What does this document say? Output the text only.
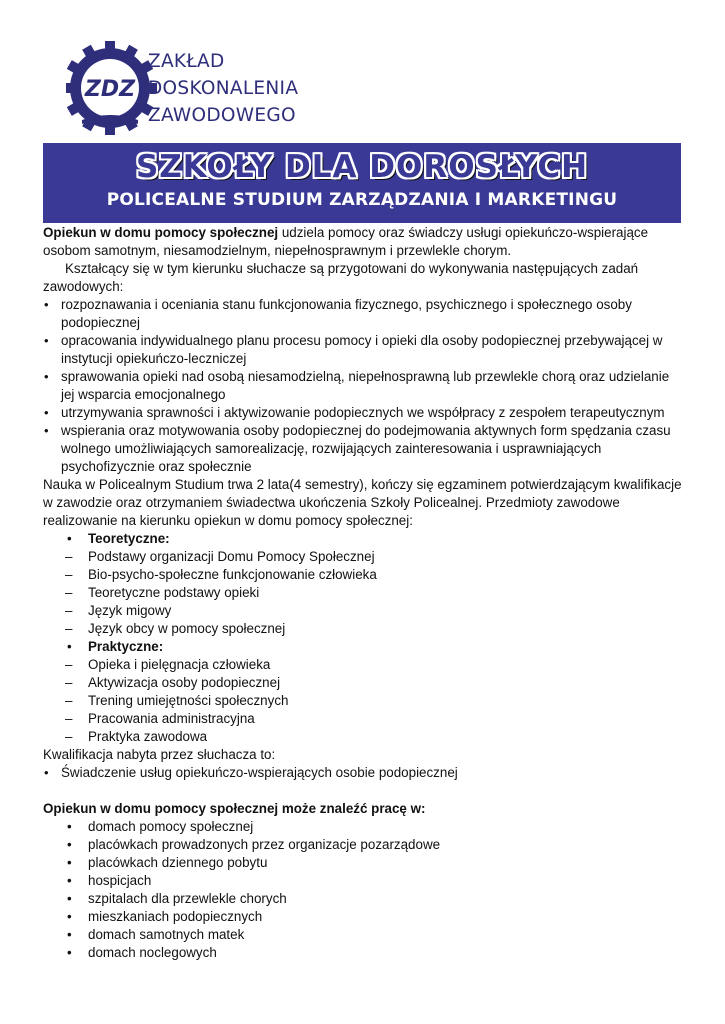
ZDZ
ZAKŁAD
DOSKONALENIA
ZAWODOWEGO
SZKOŁY DLA DOROSŁYCH
POLICEALNE STUDIUM ZARZĄDZANIA I MARKETINGU

Opiekun w domu pomocy społecznej udziela pomocy oraz świadczy usługi opiekuńczo-wspierające osobom samotnym, niesamodzielnym, niepełnosprawnym i przewlekle chorym.

Kształcący się w tym kierunku słuchacze są przygotowani do wykonywania następujących zadań zawodowych:

• rozpoznawania i oceniania stanu funkcjonowania fizycznego, psychicznego i społecznego osoby podopiecznej
• opracowania indywidualnego planu procesu pomocy i opieki dla osoby podopiecznej przebywającej w instytucji opiekuńczo-leczniczej
• sprawowania opieki nad osobą niesamodzielną, niepełnosprawną lub przewlekle chorą oraz udzielanie jej wsparcia emocjonalnego
• utrzymywania sprawności i aktywizowanie podopiecznych we współpracy z zespołem terapeutycznym
• wspierania oraz motywowania osoby podopiecznej do podejmowania aktywnych form spędzania czasu wolnego umożliwiających samorealizację, rozwijających zainteresowania i usprawniających psychofizycznie oraz społecznie

Nauka w Policealnym Studium trwa 2 lata(4 semestry), kończy się egzaminem potwierdzającym kwalifikacje w zawodzie oraz otrzymaniem świadectwa ukończenia Szkoły Policealnej. Przedmioty zawodowe realizowanie na kierunku opiekun w domu pomocy społecznej:

• Teoretyczne:
– Podstawy organizacji Domu Pomocy Społecznej
– Bio-psycho-społeczne funkcjonowanie człowieka
– Teoretyczne podstawy opieki
– Język migowy
– Język obcy w pomocy społecznej
• Praktyczne:
– Opieka i pielęgnacja człowieka
– Aktywizacja osoby podopiecznej
– Trening umiejętności społecznych
– Pracowania administracyjna
– Praktyka zawodowa

Kwalifikacja nabyta przez słuchacza to:

• Świadczenie usług opiekuńczo-wspierających osobie podopiecznej

Opiekun w domu pomocy społecznej może znaleźć pracę w:

• domach pomocy społecznej
• placówkach prowadzonych przez organizacje pozarządowe
• placówkach dziennego pobytu
• hospicjach
• szpitalach dla przewlekle chorych
• mieszkaniach podopiecznych
• domach samotnych matek
• domach noclegowych
